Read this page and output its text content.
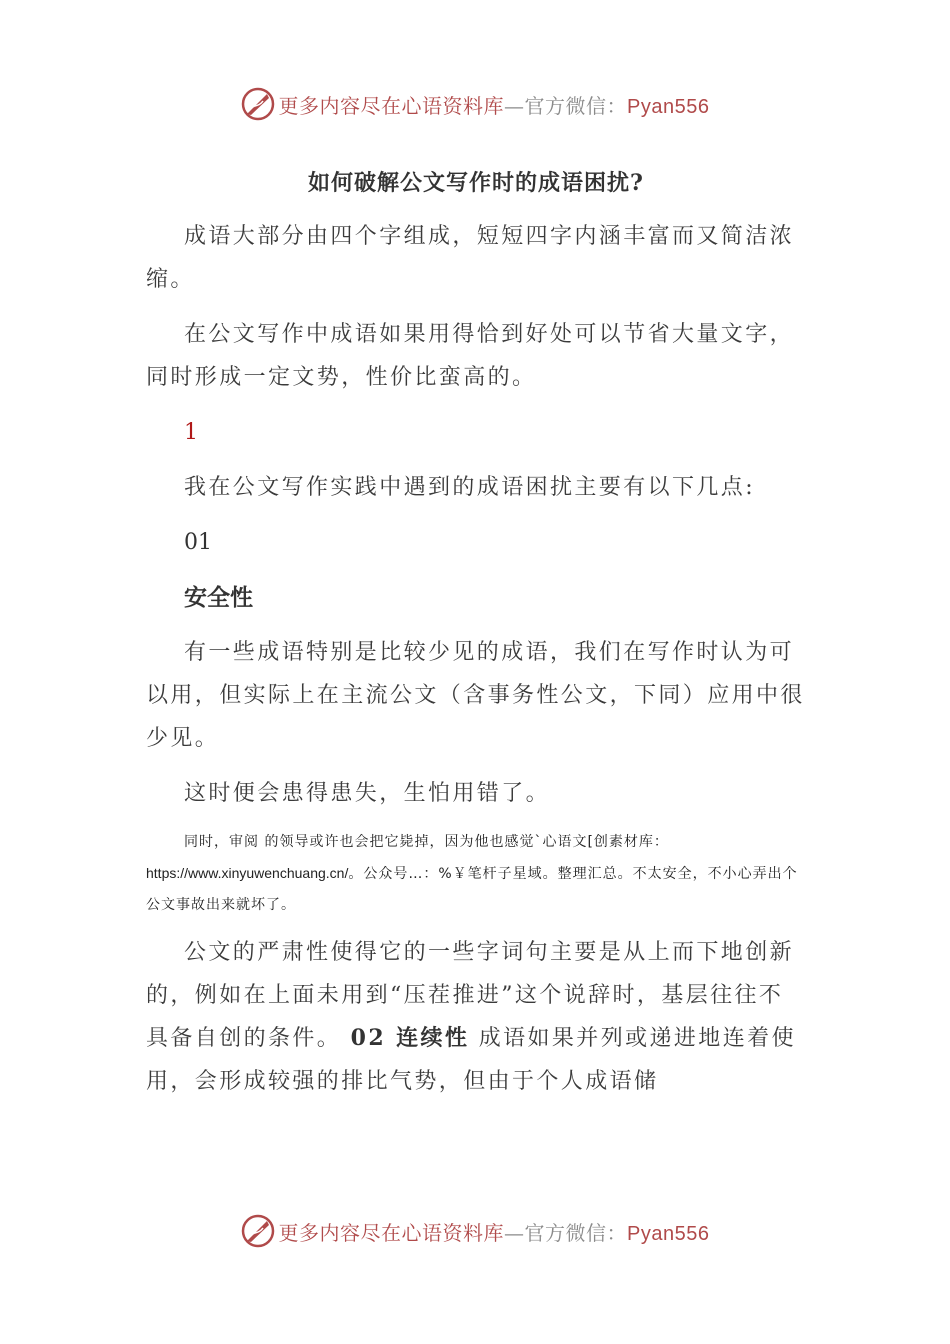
更多内容尽在心语资料库—官方微信：Pyan556

如何破解公文写作时的成语困扰?

成语大部分由四个字组成，短短四字内涵丰富而又简洁浓缩。

在公文写作中成语如果用得恰到好处可以节省大量文字，同时形成一定文势，性价比蛮高的。

1

我在公文写作实践中遇到的成语困扰主要有以下几点:

01

安全性

有一些成语特别是比较少见的成语，我们在写作时认为可以用，但实际上在主流公文（含事务性公文，下同）应用中很少见。

这时便会患得患失，生怕用错了。

同时，审阅 的领导或许也会把它毙掉，因为他也感觉`心语文[创素材库：https://www.xinyuwenchuang.cn/。公众号…：%￥笔杆子星域。整理汇总。不太安全，不小心弄出个公文事故出来就坏了。

公文的严肃性使得它的一些字词句主要是从上而下地创新的，例如在上面未用到“压茬推进”这个说辞时，基层往往不具备自创的条件。 02 连续性 成语如果并列或递进地连着使用，会形成较强的排比气势，但由于个人成语储

更多内容尽在心语资料库—官方微信：Pyan556
